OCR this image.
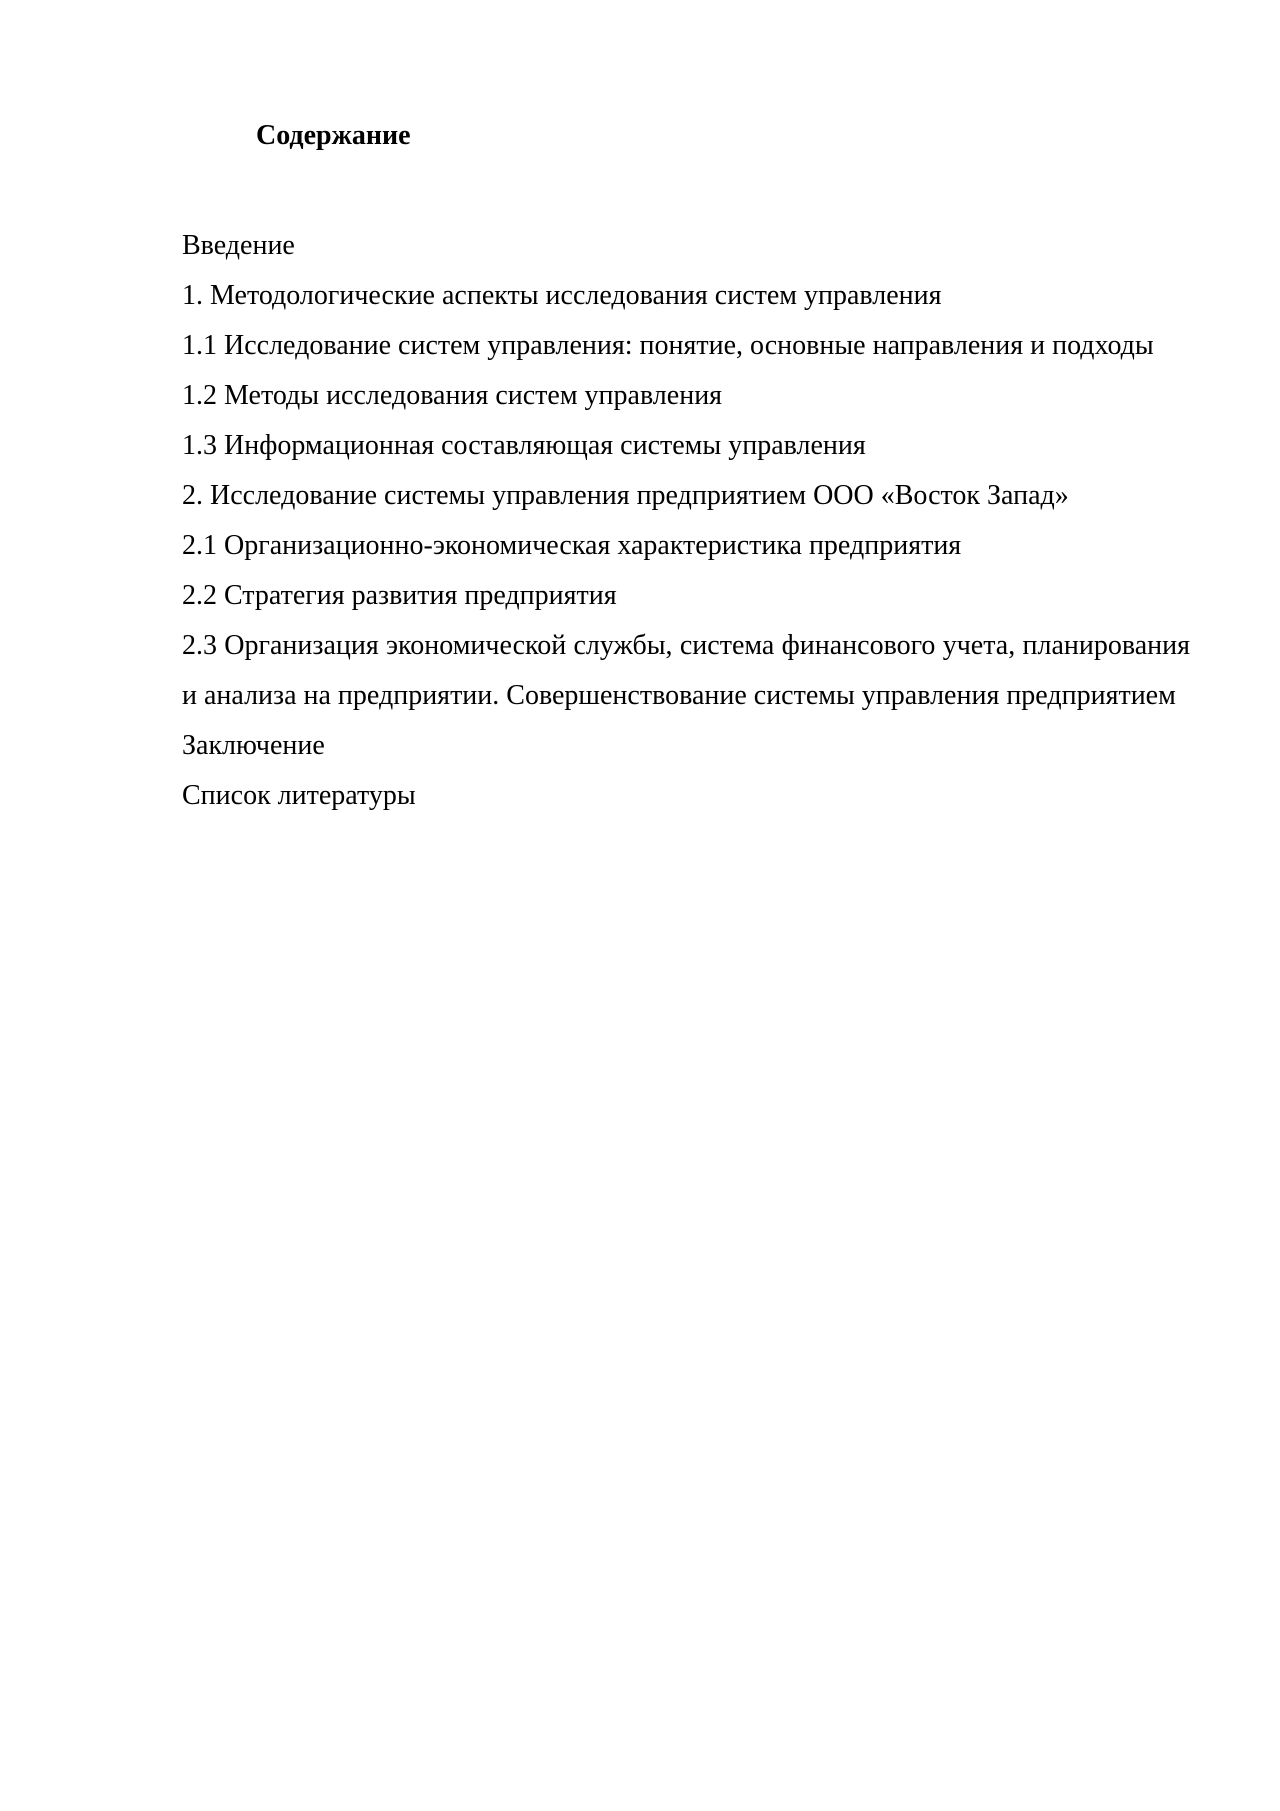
Содержание
Введение
1. Методологические аспекты исследования систем управления
1.1 Исследование систем управления: понятие, основные направления и подходы
1.2 Методы исследования систем управления
1.3 Информационная составляющая системы управления
2. Исследование системы управления предприятием ООО «Восток Запад»
2.1 Организационно-экономическая характеристика предприятия
2.2 Стратегия развития предприятия
2.3 Организация экономической службы, система финансового учета, планирования и анализа на предприятии. Совершенствование системы управления предприятием
Заключение
Список литературы
